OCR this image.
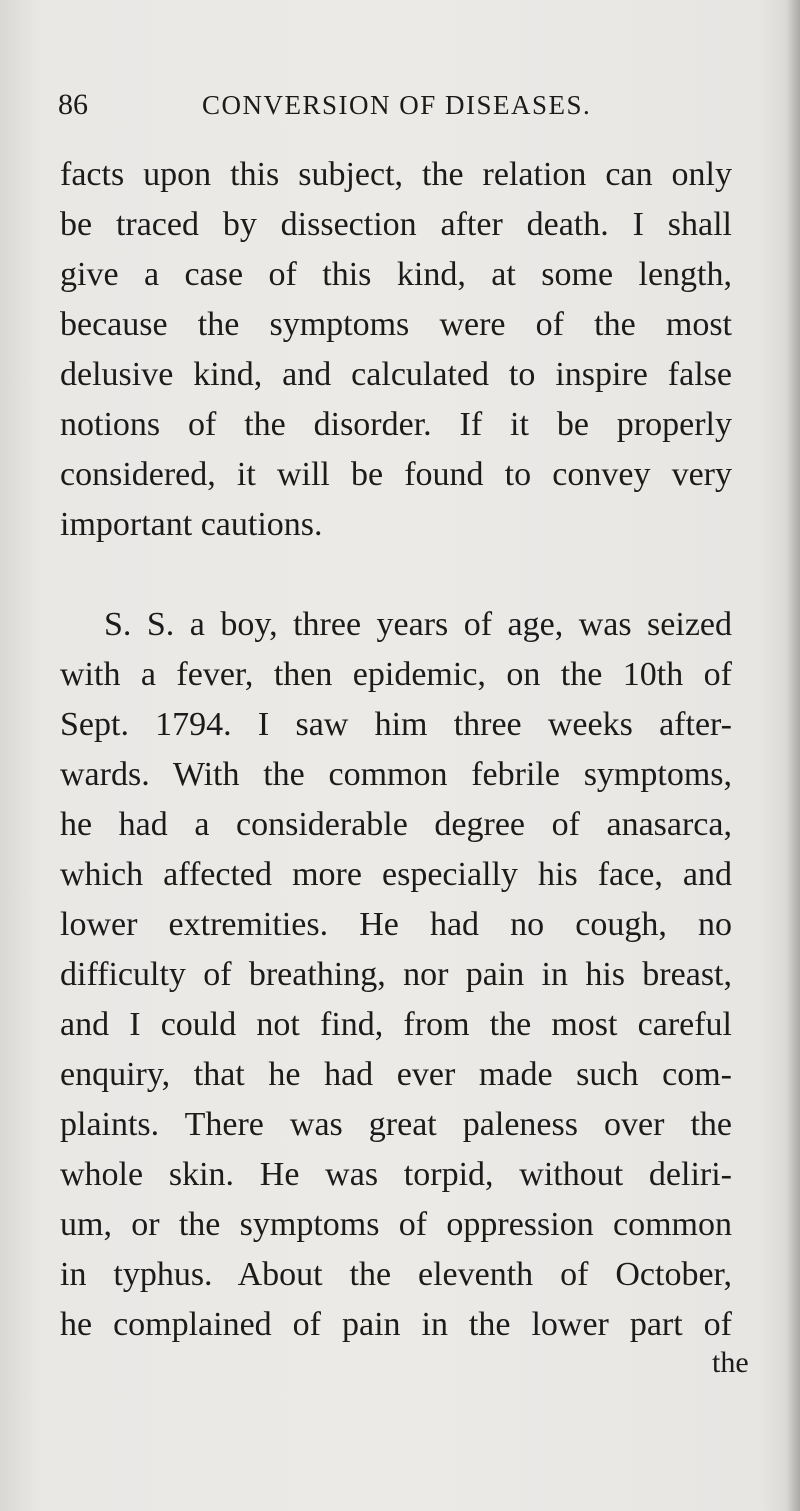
86	CONVERSION OF DISEASES.
facts upon this subject, the relation can only
be traced by dissection after death. I shall
give a case of this kind, at some length,
because the symptoms were of the most
delusive kind, and calculated to inspire false
notions of the disorder. If it be properly
considered, it will be found to convey very
important cautions.
S. S. a boy, three years of age, was seized
with a fever, then epidemic, on the 10th of
Sept. 1794. I saw him three weeks after-
wards. With the common febrile symptoms,
he had a considerable degree of anasarca,
which affected more especially his face, and
lower extremities. He had no cough, no
difficulty of breathing, nor pain in his breast,
and I could not find, from the most careful
enquiry, that he had ever made such com-
plaints. There was great paleness over the
whole skin. He was torpid, without deliri-
um, or the symptoms of oppression common
in typhus. About the eleventh of October,
he complained of pain in the lower part of
the
